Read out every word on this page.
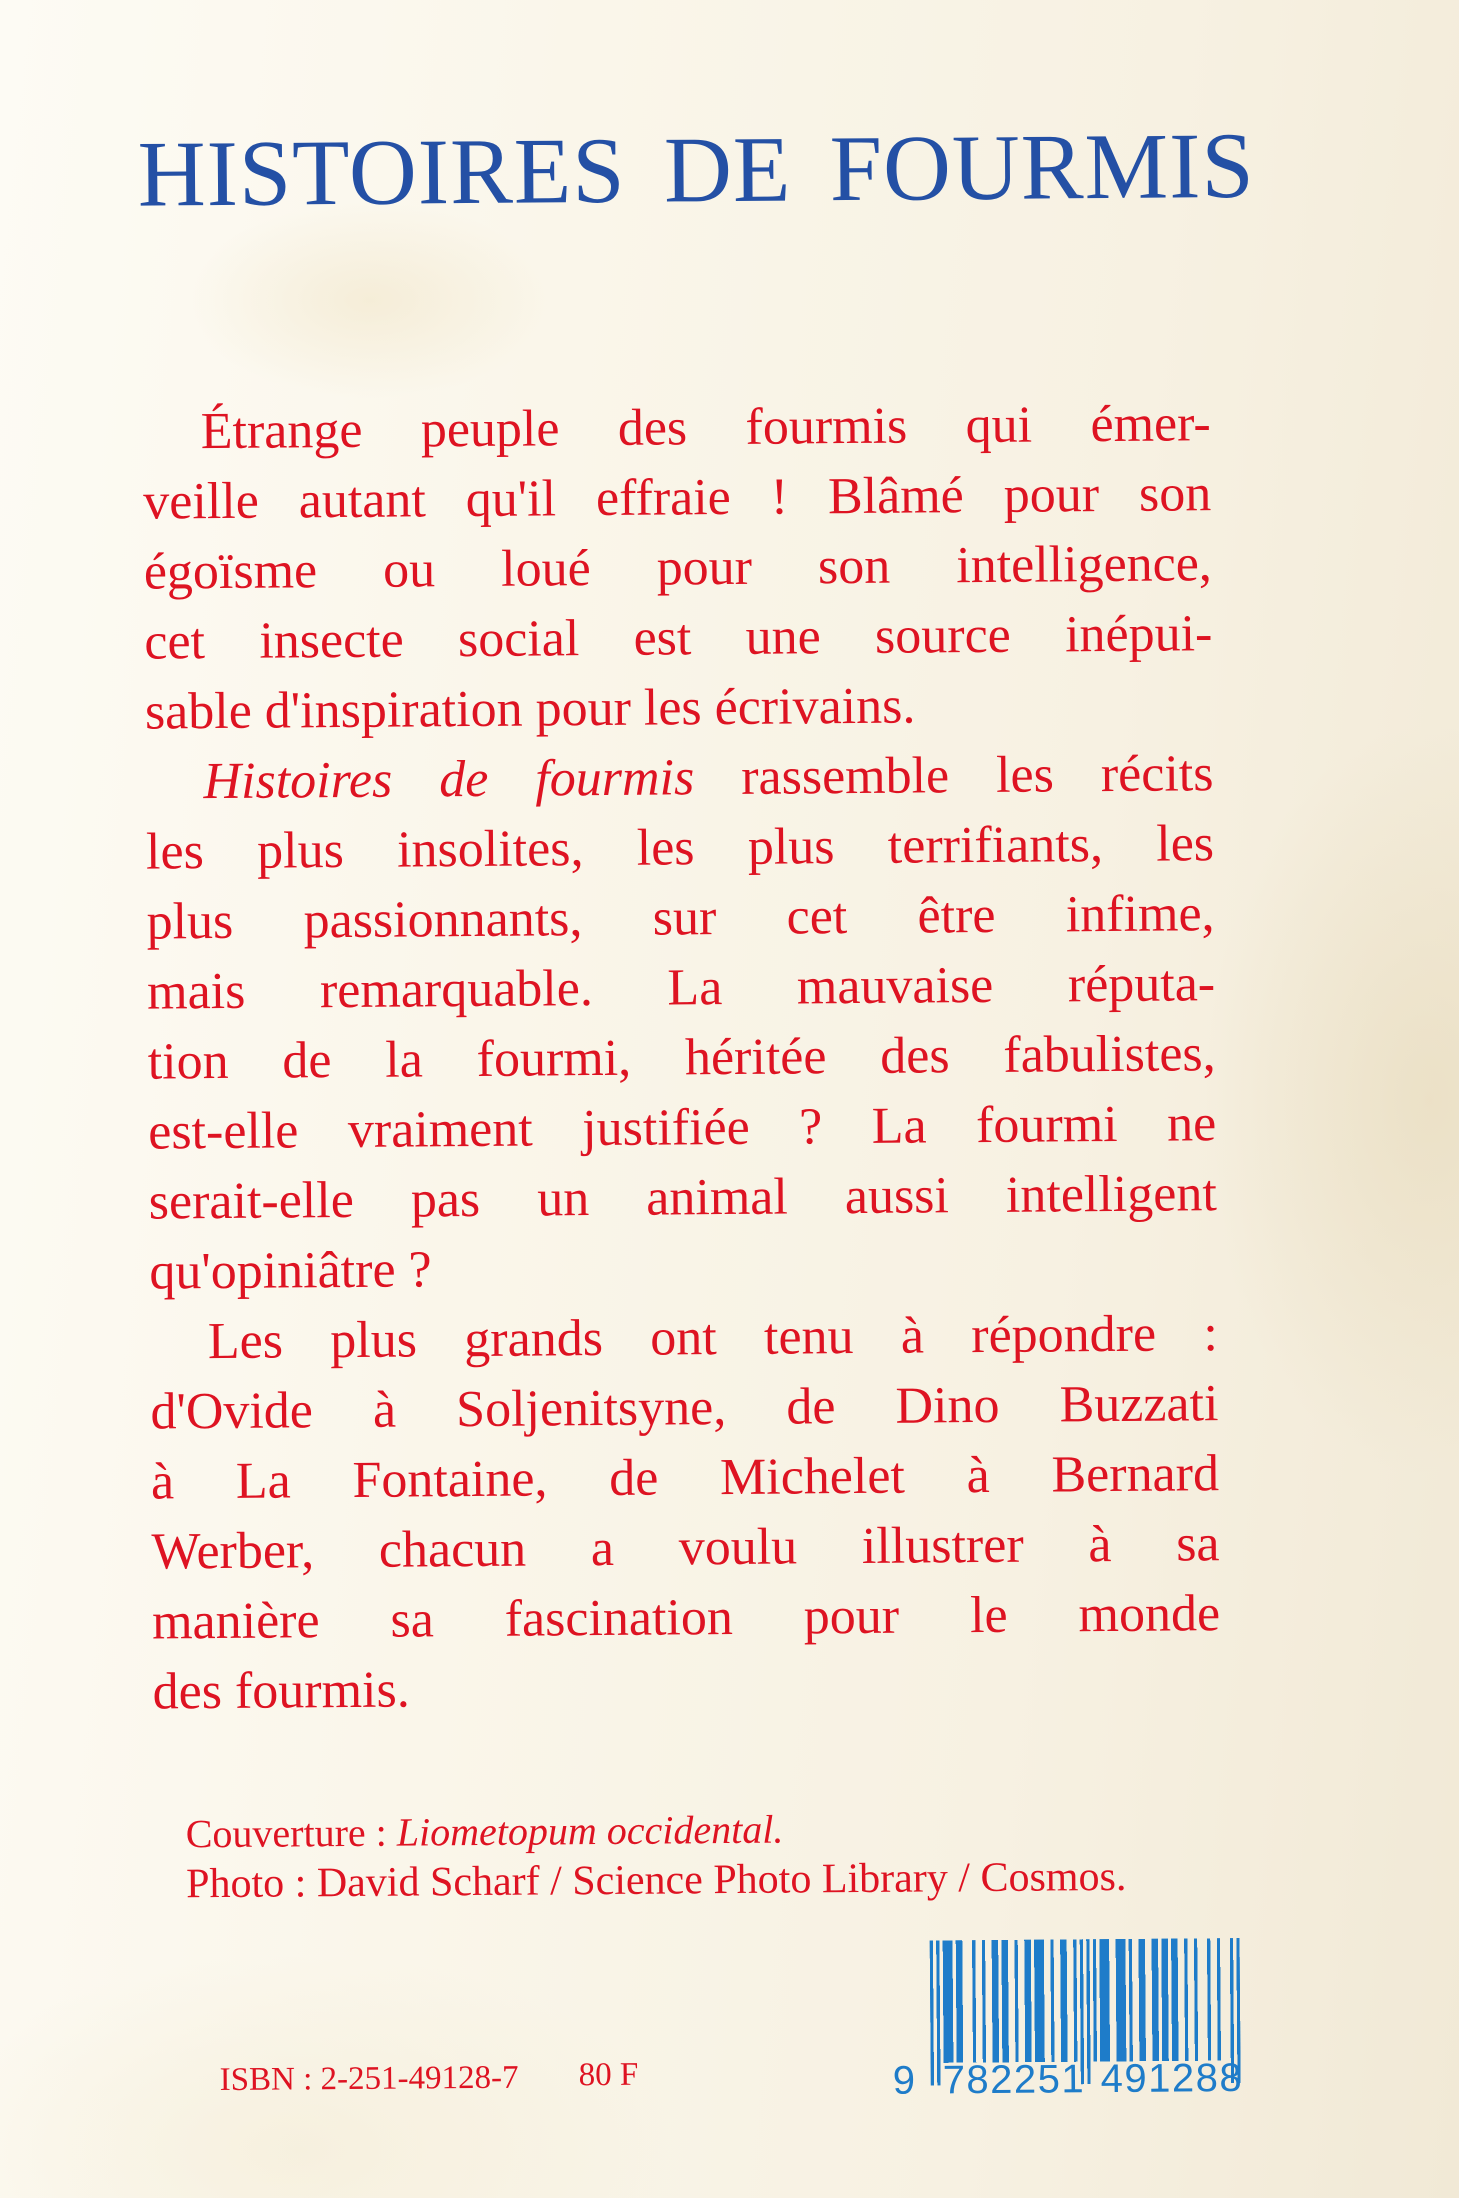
HISTOIRES DE FOURMIS
Étrange peuple des fourmis qui émer-
veille autant qu'il effraie ! Blâmé pour son
égoïsme ou loué pour son intelligence,
cet insecte social est une source inépui-
sable d'inspiration pour les écrivains.
Histoires de fourmis rassemble les récits
les plus insolites, les plus terrifiants, les
plus passionnants, sur cet être infime,
mais remarquable. La mauvaise réputa-
tion de la fourmi, héritée des fabulistes,
est-elle vraiment justifiée ? La fourmi ne
serait-elle pas un animal aussi intelligent
qu'opiniâtre ?
Les plus grands ont tenu à répondre :
d'Ovide à Soljenitsyne, de Dino Buzzati
à La Fontaine, de Michelet à Bernard
Werber, chacun a voulu illustrer à sa
manière sa fascination pour le monde
des fourmis.

Couverture : Liometopum occidental.

Photo : David Scharf / Science Photo Library / Cosmos.

ISBN : 2-251-49128-7 80 F	9 782251 491288
